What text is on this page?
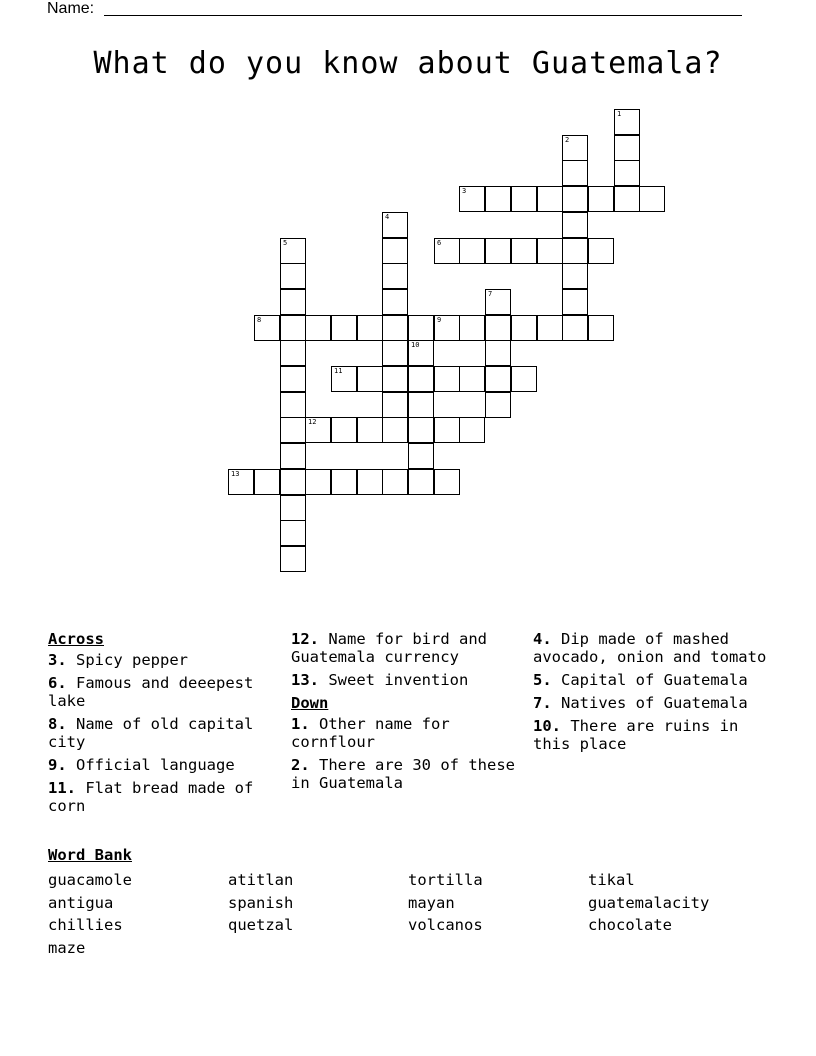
Name:
What do you know about Guatemala?
1
2
3
4
5	6
7
8	9
10
11
12
13
Across
3. Spicy pepper
6. Famous and deeepest lake
8. Name of old capital city
9. Official language
11. Flat bread made of corn
12. Name for bird and Guatemala currency
13. Sweet invention
Down
1. Other name for cornflour
2. There are 30 of these in Guatemala
4. Dip made of mashed avocado, onion and tomato
5. Capital of Guatemala
7. Natives of Guatemala
10. There are ruins in this place
Word Bank
guacamole	atitlan	tortilla	tikal
antigua	spanish	mayan	guatemalacity
chillies	quetzal	volcanos	chocolate
maze
